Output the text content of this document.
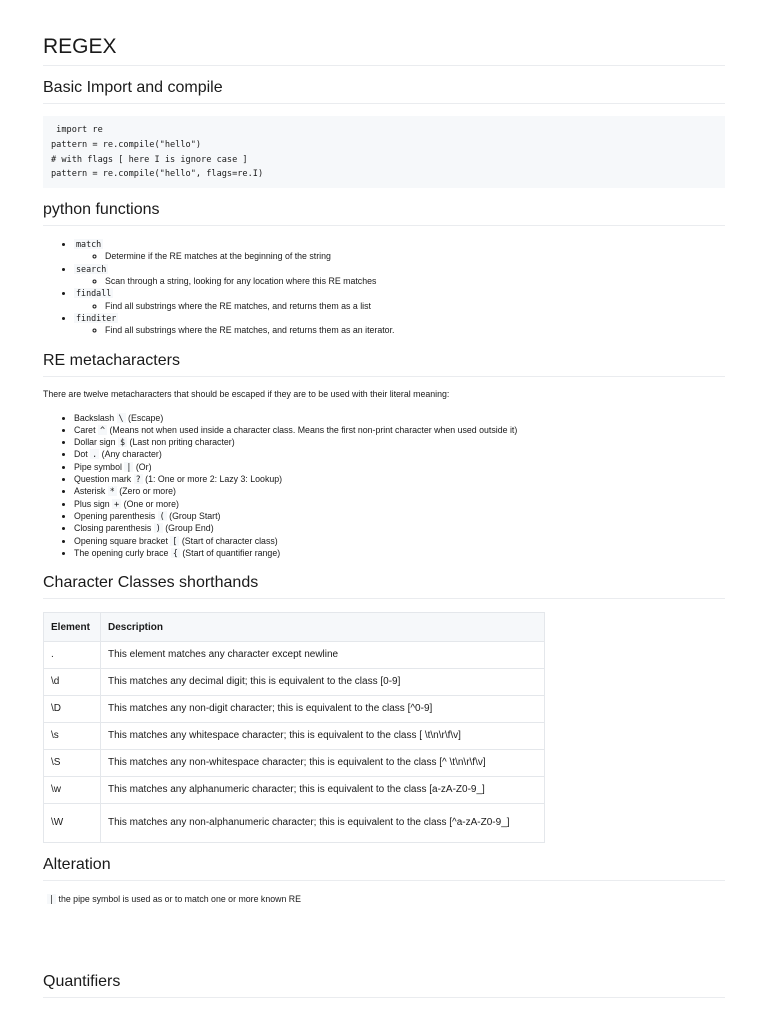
REGEX
Basic Import and compile
import re
pattern = re.compile("hello")
# with flags [ here I is ignore case ]
pattern = re.compile("hello", flags=re.I)
python functions
• match
◦ Determine if the RE matches at the beginning of the string
• search
◦ Scan through a string, looking for any location where this RE matches
• findall
◦ Find all substrings where the RE matches, and returns them as a list
• finditer
◦ Find all substrings where the RE matches, and returns them as an iterator.
RE metacharacters

There are twelve metacharacters that should be escaped if they are to be used with their literal meaning:

• Backslash \ (Escape)
• Caret ^ (Means not when used inside a character class. Means the first non-print character when used outside it)
• Dollar sign $ (Last non priting character)
• Dot . (Any character)
• Pipe symbol | (Or)
• Question mark ? (1: One or more 2: Lazy 3: Lookup)
• Asterisk * (Zero or more)
• Plus sign + (One or more)
• Opening parenthesis ( (Group Start)
• Closing parenthesis ) (Group End)
• Opening square bracket [ (Start of character class)
• The opening curly brace { (Start of quantifier range)
Character Classes shorthands
Element	Description
.	This element matches any character except newline
\d	This matches any decimal digit; this is equivalent to the class [0-9]
\D	This matches any non-digit character; this is equivalent to the class [^0-9]
\s	This matches any whitespace character; this is equivalent to the class [ \t\n\r\f\v]
\S	This matches any non-whitespace character; this is equivalent to the class [^ \t\n\r\f\v]
\w	This matches any alphanumeric character; this is equivalent to the class [a-zA-Z0-9_]
\W	This matches any non-alphanumeric character; this is equivalent to the class [^a-zA-Z0-9_]
Alteration

| the pipe symbol is used as or to match one or more known RE

Quantifiers
